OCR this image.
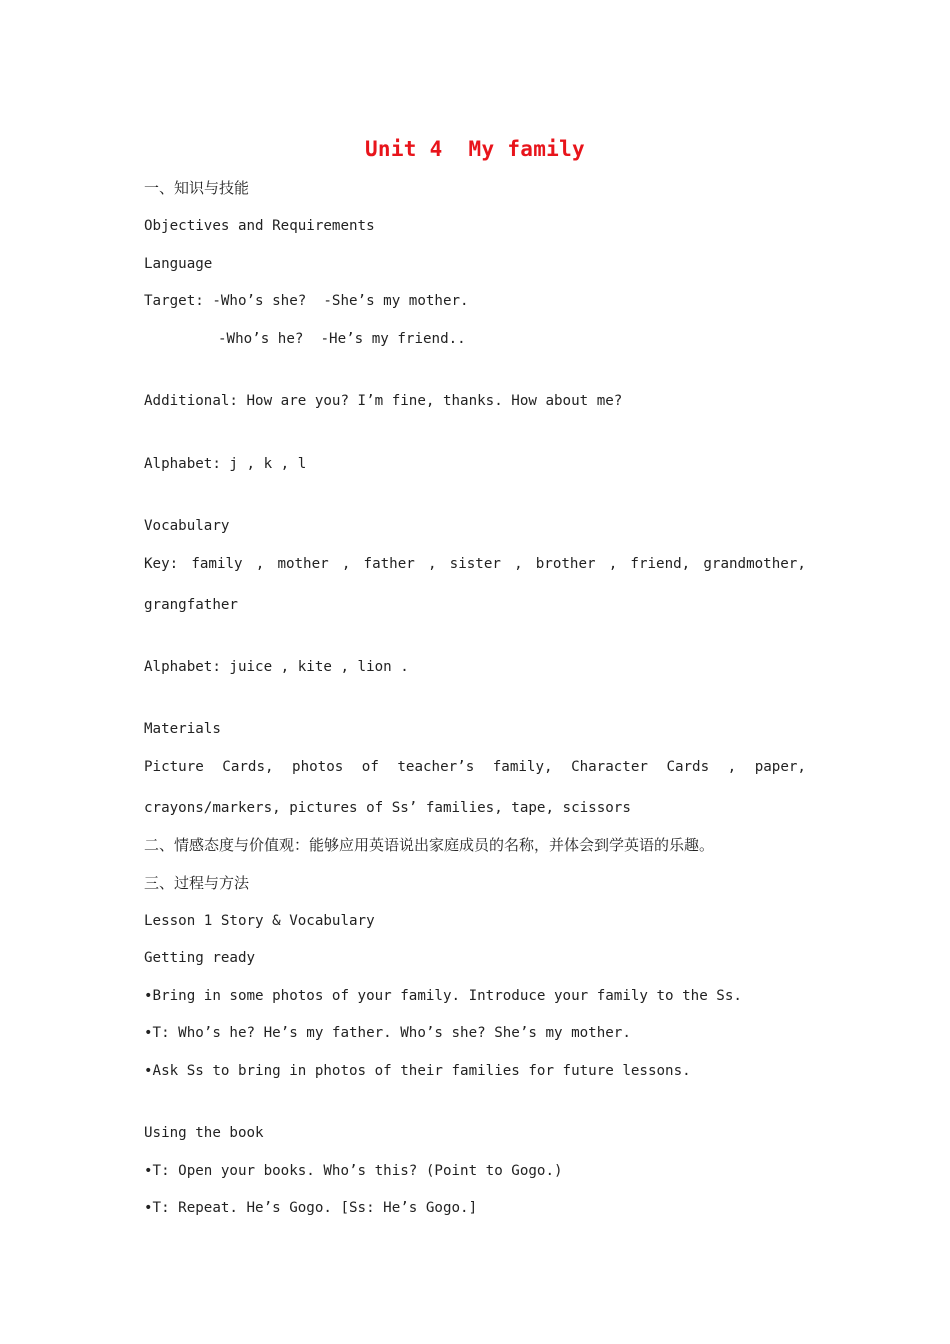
Unit 4  My family
一、知识与技能
Objectives and Requirements
Language
Target: -Who’s she?  -She’s my mother.
-Who’s he?  -He’s my friend..
Additional: How are you? I’m fine, thanks. How about me?
Alphabet: j , k , l
Vocabulary
Key: family , mother , father , sister , brother , friend, grandmother,
grangfather
Alphabet: juice , kite , lion .
Materials
Picture Cards, photos of teacher’s family, Character Cards , paper,
crayons/markers, pictures of Ss’ families, tape, scissors
二、情感态度与价值观：能够应用英语说出家庭成员的名称，并体会到学英语的乐趣。
三、过程与方法
Lesson 1 Story & Vocabulary
Getting ready
•Bring in some photos of your family. Introduce your family to the Ss.
•T: Who’s he? He’s my father. Who’s she? She’s my mother.
•Ask Ss to bring in photos of their families for future lessons.
Using the book
•T: Open your books. Who’s this? (Point to Gogo.)
•T: Repeat. He’s Gogo. [Ss: He’s Gogo.]
